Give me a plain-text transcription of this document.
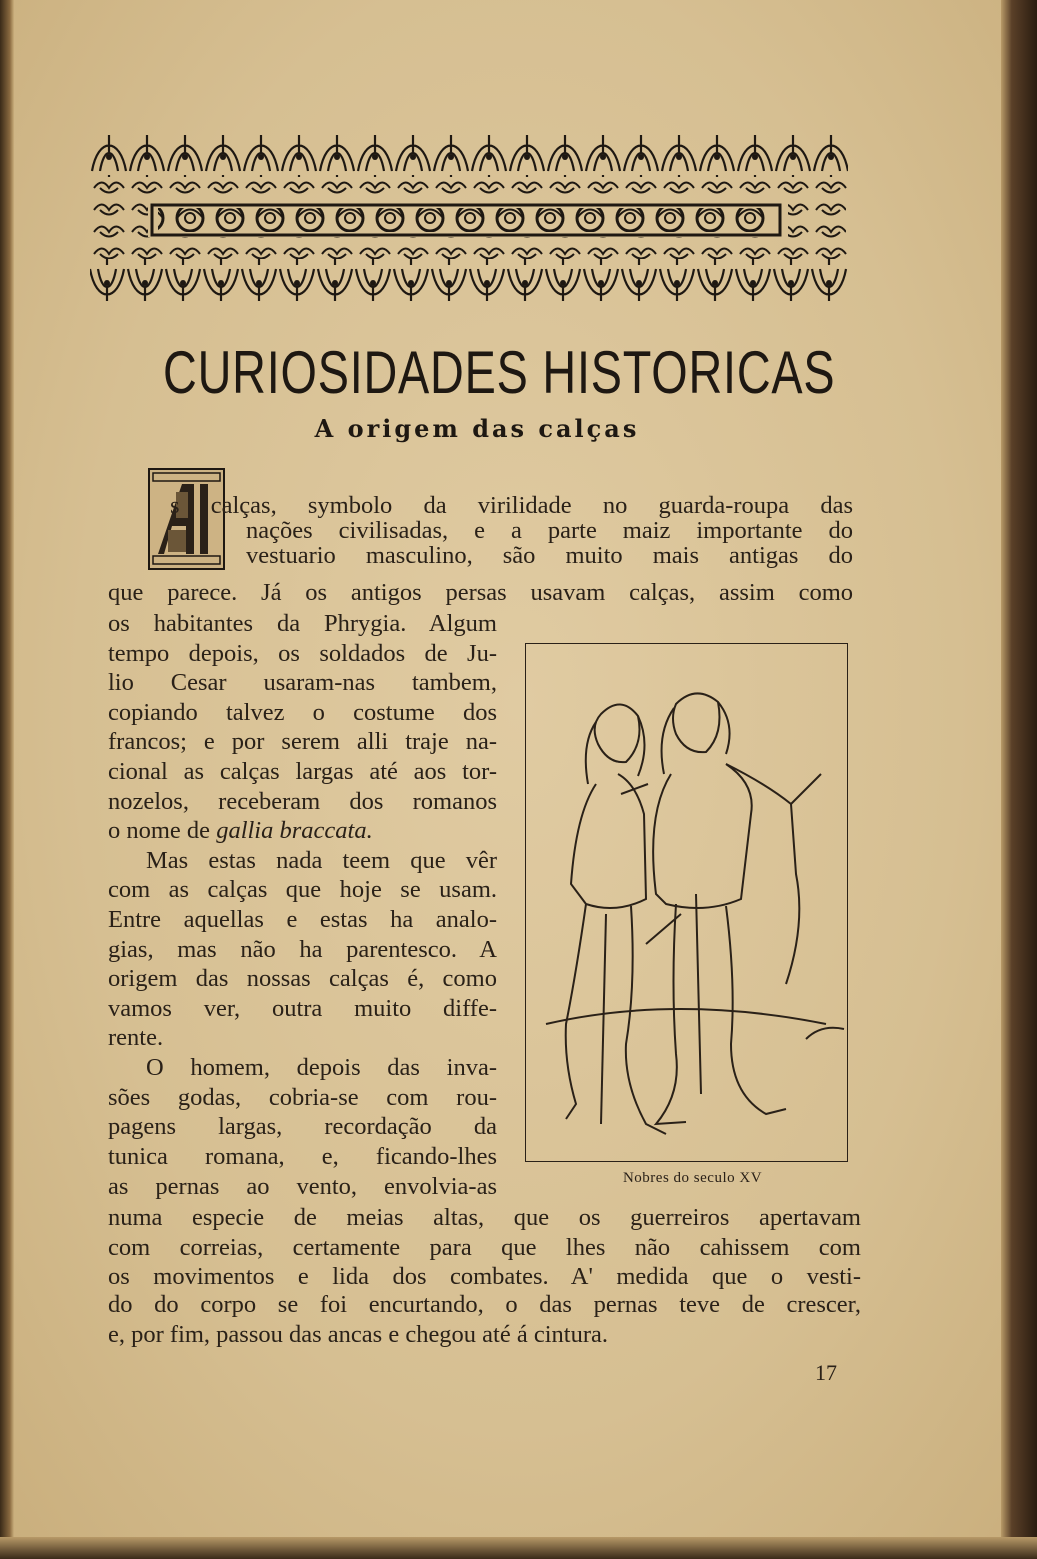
CURIOSIDADES HISTORICAS
A origem das calças
s calças, symbolo da virilidade no guarda-roupa das
nações civilisadas, e a parte maiz importante do
vestuario masculino, são muito mais antigas do
que parece. Já os antigos persas usavam calças, assim como
os habitantes da Phrygia. Algum
tempo depois, os soldados de Ju-
lio Cesar usaram-nas tambem,
copiando talvez o costume dos
francos; e por serem alli traje na-
cional as calças largas até aos tor-
nozelos, receberam dos romanos
o nome de gallia braccata.
Mas estas nada teem que vêr
com as calças que hoje se usam.
Entre aquellas e estas ha analo-
gias, mas não ha parentesco. A
origem das nossas calças é, como
vamos ver, outra muito diffe-
rente.
O homem, depois das inva-
sões godas, cobria-se com rou-
pagens largas, recordação da
tunica romana, e, ficando-lhes
as pernas ao vento, envolvia-as
numa especie de meias altas, que os guerreiros apertavam
com correias, certamente para que lhes não cahissem com
os movimentos e lida dos combates. A' medida que o vesti-
do do corpo se foi encurtando, o das pernas teve de crescer,
e, por fim, passou das ancas e chegou até á cintura.
Nobres do seculo XV
17
